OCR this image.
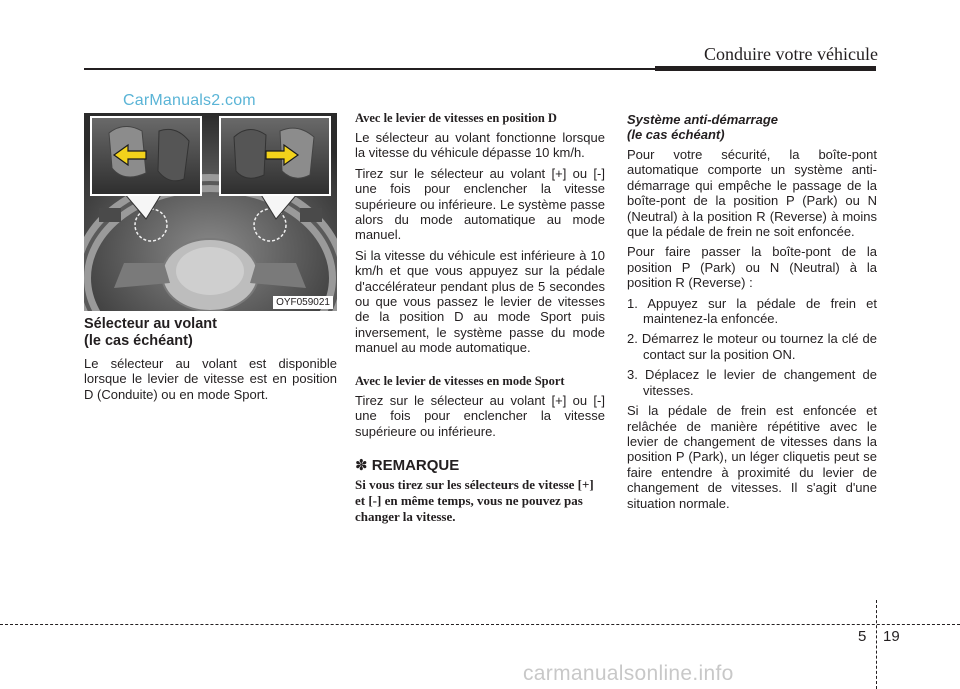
Conduire votre véhicule
CarManuals2.com
OYF059021

Sélecteur au volant

(le cas échéant)

Le sélecteur au volant est disponible lorsque le levier de vitesse est en position D (Conduite) ou en mode Sport.

Avec le levier de vitesses en position D

Le sélecteur au volant fonctionne lorsque la vitesse du véhicule dépasse 10 km/h.

Tirez sur le sélecteur au volant [+] ou [-] une fois pour enclencher la vitesse supérieure ou inférieure. Le système passe alors du mode automatique au mode manuel.

Si la vitesse du véhicule est inférieure à 10 km/h et que vous appuyez sur la pédale d'accélérateur pendant plus de 5 secondes ou que vous passez le levier de vitesses de la position D au mode Sport puis inversement, le système passe du mode manuel au mode automatique.

Avec le levier de vitesses en mode Sport

Tirez sur le sélecteur au volant [+] ou [-] une fois pour enclencher la vitesse supérieure ou inférieure.

✽ REMARQUE

Si vous tirez sur les sélecteurs de vitesse [+] et [-] en même temps, vous ne pouvez pas changer la vitesse.

Système anti-démarrage

(le cas échéant)

Pour votre sécurité, la boîte-pont automatique comporte un système anti-démarrage qui empêche le passage de la boîte-pont de la position P (Park) ou N (Neutral) à la position R (Reverse) à moins que la pédale de frein ne soit enfoncée.

Pour faire passer la boîte-pont de la position P (Park) ou N (Neutral) à la position R (Reverse) :

1. Appuyez sur la pédale de frein et maintenez-la enfoncée.

2. Démarrez le moteur ou tournez la clé de contact sur la position ON.

3. Déplacez le levier de changement de vitesses.

Si la pédale de frein est enfoncée et relâchée de manière répétitive avec le levier de changement de vitesses dans la position P (Park), un léger cliquetis peut se faire entendre à proximité du levier de changement de vitesses. Il s'agit d'une situation normale.

5 19
carmanualsonline.info
